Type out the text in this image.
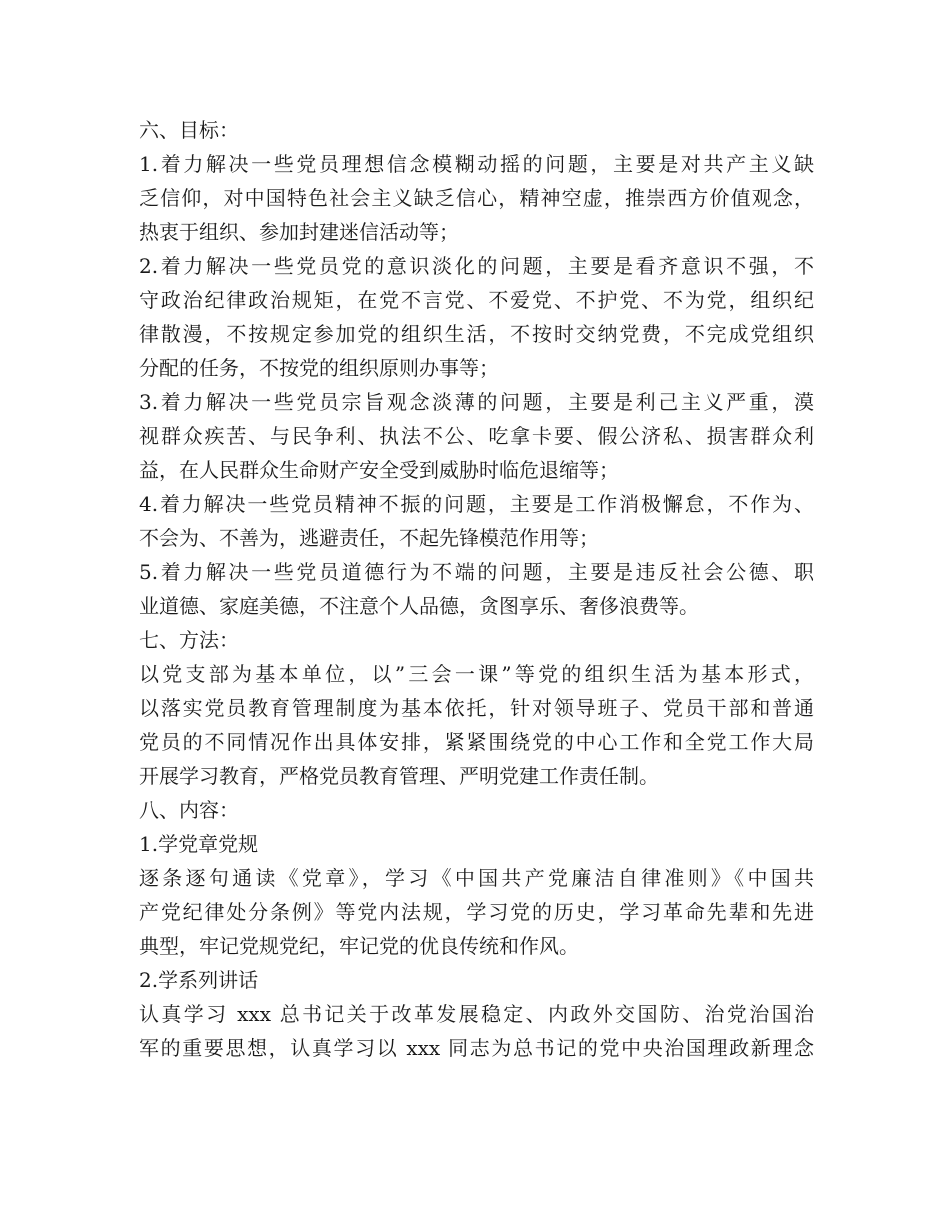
六、目标：
1.着力解决一些党员理想信念模糊动摇的问题，主要是对共产主义缺
乏信仰，对中国特色社会主义缺乏信心，精神空虚，推崇西方价值观念，
热衷于组织、参加封建迷信活动等；
2.着力解决一些党员党的意识淡化的问题，主要是看齐意识不强，不
守政治纪律政治规矩，在党不言党、不爱党、不护党、不为党，组织纪
律散漫，不按规定参加党的组织生活，不按时交纳党费，不完成党组织
分配的任务，不按党的组织原则办事等；
3.着力解决一些党员宗旨观念淡薄的问题，主要是利己主义严重，漠
视群众疾苦、与民争利、执法不公、吃拿卡要、假公济私、损害群众利
益，在人民群众生命财产安全受到威胁时临危退缩等；
4.着力解决一些党员精神不振的问题，主要是工作消极懈怠，不作为、
不会为、不善为，逃避责任，不起先锋模范作用等；
5.着力解决一些党员道德行为不端的问题，主要是违反社会公德、职
业道德、家庭美德，不注意个人品德，贪图享乐、奢侈浪费等。
七、方法：
以党支部为基本单位，以”三会一课”等党的组织生活为基本形式，
以落实党员教育管理制度为基本依托，针对领导班子、党员干部和普通
党员的不同情况作出具体安排，紧紧围绕党的中心工作和全党工作大局
开展学习教育，严格党员教育管理、严明党建工作责任制。
八、内容：
1.学党章党规
逐条逐句通读《党章》，学习《中国共产党廉洁自律准则》《中国共
产党纪律处分条例》等党内法规，学习党的历史，学习革命先辈和先进
典型，牢记党规党纪，牢记党的优良传统和作风。
2.学系列讲话
认真学习 xxx 总书记关于改革发展稳定、内政外交国防、治党治国治
军的重要思想，认真学习以 xxx 同志为总书记的党中央治国理政新理念
